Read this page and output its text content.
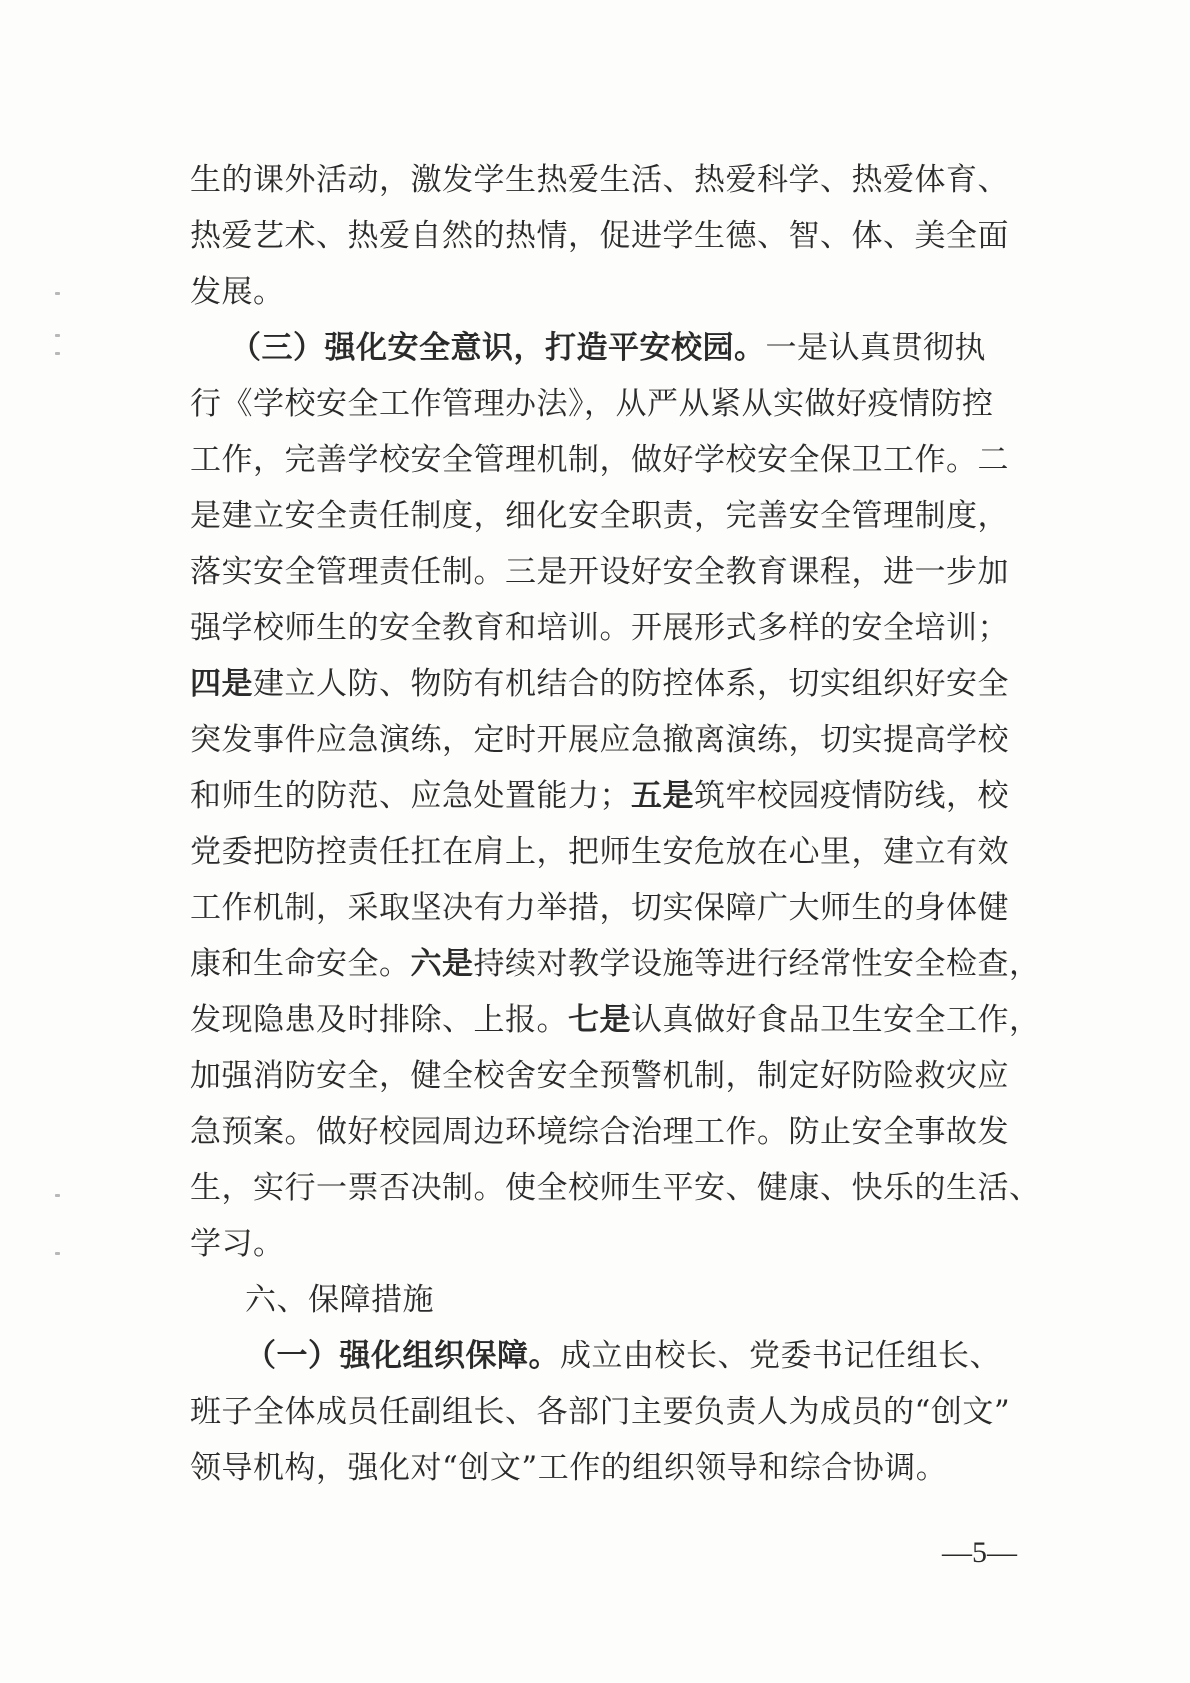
生的课外活动，激发学生热爱生活、热爱科学、热爱体育、
热爱艺术、热爱自然的热情，促进学生德、智、体、美全面
发展。
（三）强化安全意识，打造平安校园。一是认真贯彻执
行《学校安全工作管理办法》，从严从紧从实做好疫情防控
工作，完善学校安全管理机制，做好学校安全保卫工作。二
是建立安全责任制度，细化安全职责，完善安全管理制度，
落实安全管理责任制。三是开设好安全教育课程，进一步加
强学校师生的安全教育和培训。开展形式多样的安全培训；
四是建立人防、物防有机结合的防控体系，切实组织好安全
突发事件应急演练，定时开展应急撤离演练，切实提高学校
和师生的防范、应急处置能力；五是筑牢校园疫情防线，校
党委把防控责任扛在肩上，把师生安危放在心里，建立有效
工作机制，采取坚决有力举措，切实保障广大师生的身体健
康和生命安全。六是持续对教学设施等进行经常性安全检查，
发现隐患及时排除、上报。七是认真做好食品卫生安全工作，
加强消防安全，健全校舍安全预警机制，制定好防险救灾应
急预案。做好校园周边环境综合治理工作。防止安全事故发
生，实行一票否决制。使全校师生平安、健康、快乐的生活、
学习。
六、保障措施
（一）强化组织保障。成立由校长、党委书记任组长、
班子全体成员任副组长、各部门主要负责人为成员的“创文”
领导机构，强化对“创文”工作的组织领导和综合协调。
—5—
